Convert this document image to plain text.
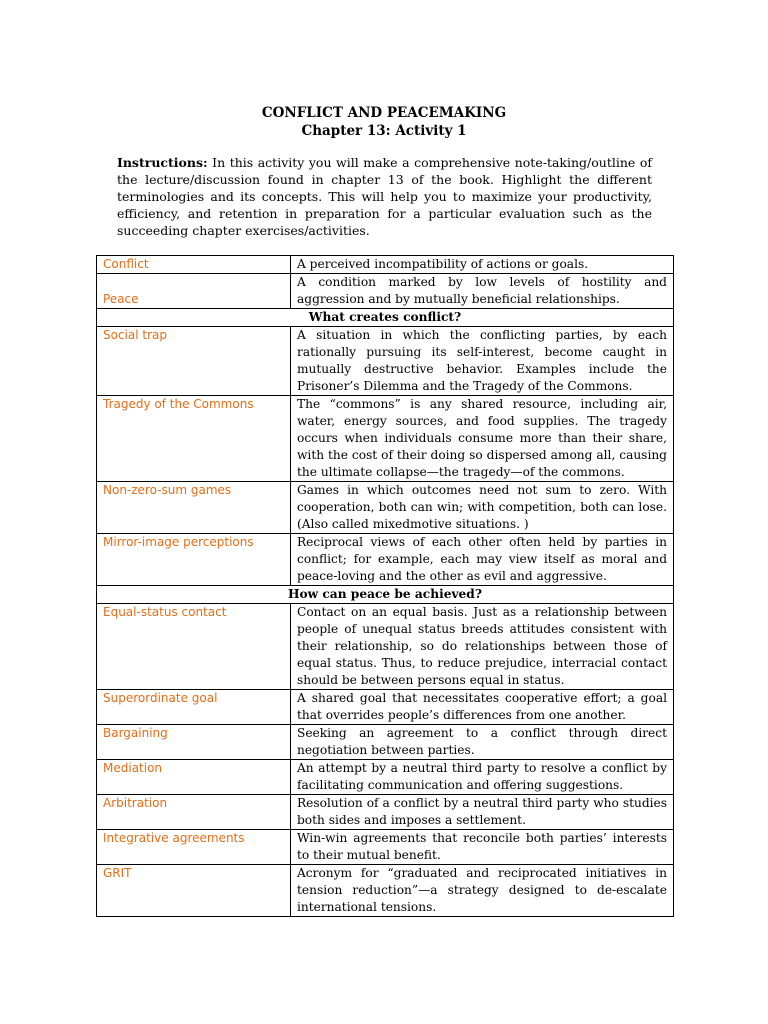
CONFLICT AND PEACEMAKING
Chapter 13: Activity 1
Instructions: In this activity you will make a comprehensive note-taking/outline of the lecture/discussion found in chapter 13 of the book. Highlight the different terminologies and its concepts. This will help you to maximize your productivity, efficiency, and retention in preparation for a particular evaluation such as the succeeding chapter exercises/activities.
Conflict	A perceived incompatibility of actions or goals.
Peace	A condition marked by low levels of hostility and aggression and by mutually beneficial relationships.
What creates conflict?	
Social trap	A situation in which the conflicting parties, by each rationally pursuing its self-interest, become caught in mutually destructive behavior. Examples include the Prisoner’s Dilemma and the Tragedy of the Commons.
Tragedy of the Commons	The “commons” is any shared resource, including air, water, energy sources, and food supplies. The tragedy occurs when individuals consume more than their share, with the cost of their doing so dispersed among all, causing the ultimate collapse—the tragedy—of the commons.
Non-zero-sum games	Games in which outcomes need not sum to zero. With cooperation, both can win; with competition, both can lose. (Also called mixedmotive situations. )
Mirror-image perceptions	Reciprocal views of each other often held by parties in conflict; for example, each may view itself as moral and peace-loving and the other as evil and aggressive.
How can peace be achieved?	
Equal-status contact	Contact on an equal basis. Just as a relationship between people of unequal status breeds attitudes consistent with their relationship, so do relationships between those of equal status. Thus, to reduce prejudice, interracial contact should be between persons equal in status.
Superordinate goal	A shared goal that necessitates cooperative effort; a goal that overrides people’s differences from one another.
Bargaining	Seeking an agreement to a conflict through direct negotiation between parties.
Mediation	An attempt by a neutral third party to resolve a conflict by facilitating communication and offering suggestions.
Arbitration	Resolution of a conflict by a neutral third party who studies both sides and imposes a settlement.
Integrative agreements	Win-win agreements that reconcile both parties’ interests to their mutual benefit.
GRIT	Acronym for “graduated and reciprocated initiatives in tension reduction”—a strategy designed to de-escalate international tensions.
